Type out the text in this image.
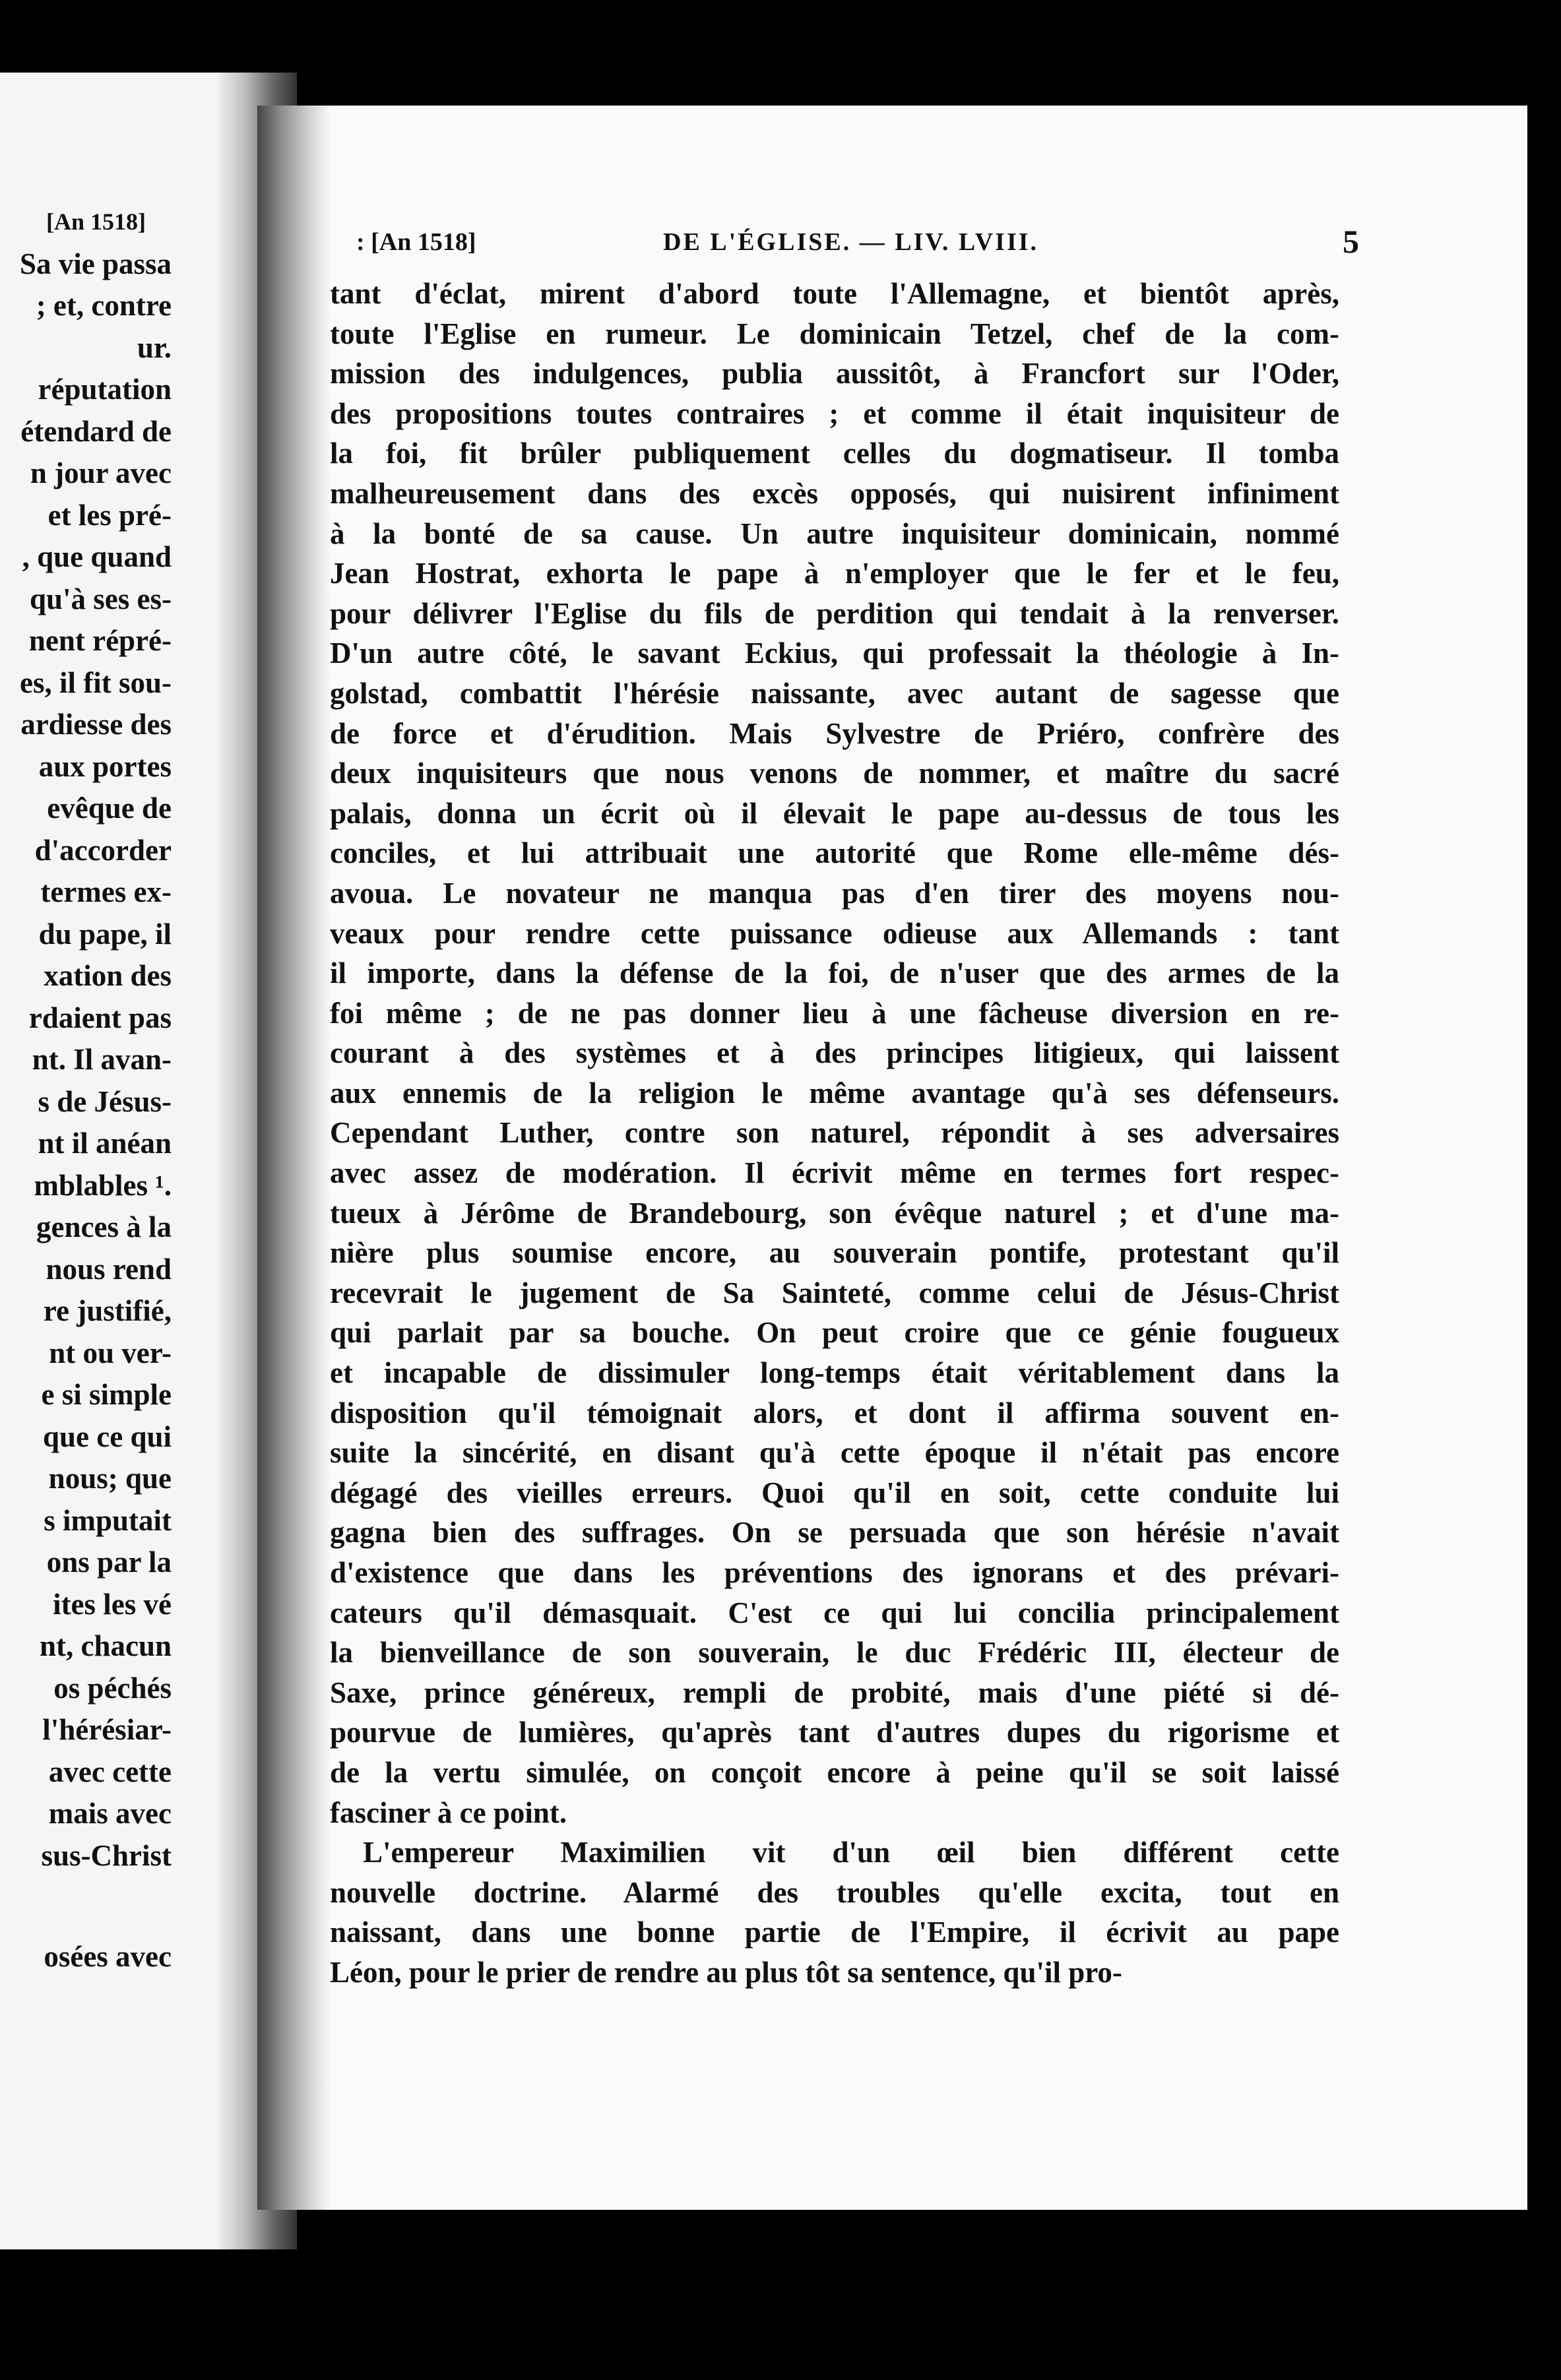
[An 1518]
Sa vie passa
; et, contre
ur.
réputation
étendard de
n jour avec
et les pré-
, que quand
qu'à ses es-
nent répré-
es, il fit sou-
ardiesse des
aux portes
evêque de
d'accorder
termes ex-
du pape, il
xation des
rdaient pas
nt. Il avan-
s de Jésus-
nt il anéan
mblables ¹.
gences à la
nous rend
re justifié,
nt ou ver-
e si simple
que ce qui
nous; que
s imputait
ons par la
ites les vé
nt, chacun
os péchés
l'hérésiar-
avec cette
mais avec
sus-Christ
osées avec
: [An 1518]	DE L'ÉGLISE. — LIV. LVIII.	5
tant d'éclat, mirent d'abord toute l'Allemagne, et bientôt après,
toute l'Eglise en rumeur. Le dominicain Tetzel, chef de la com-
mission des indulgences, publia aussitôt, à Francfort sur l'Oder,
des propositions toutes contraires ; et comme il était inquisiteur de
la foi, fit brûler publiquement celles du dogmatiseur. Il tomba
malheureusement dans des excès opposés, qui nuisirent infiniment
à la bonté de sa cause. Un autre inquisiteur dominicain, nommé
Jean Hostrat, exhorta le pape à n'employer que le fer et le feu,
pour délivrer l'Eglise du fils de perdition qui tendait à la renverser.
D'un autre côté, le savant Eckius, qui professait la théologie à In-
golstad, combattit l'hérésie naissante, avec autant de sagesse que
de force et d'érudition. Mais Sylvestre de Priéro, confrère des
deux inquisiteurs que nous venons de nommer, et maître du sacré
palais, donna un écrit où il élevait le pape au-dessus de tous les
conciles, et lui attribuait une autorité que Rome elle-même dés-
avoua. Le novateur ne manqua pas d'en tirer des moyens nou-
veaux pour rendre cette puissance odieuse aux Allemands : tant
il importe, dans la défense de la foi, de n'user que des armes de la
foi même ; de ne pas donner lieu à une fâcheuse diversion en re-
courant à des systèmes et à des principes litigieux, qui laissent
aux ennemis de la religion le même avantage qu'à ses défenseurs.
Cependant Luther, contre son naturel, répondit à ses adversaires
avec assez de modération. Il écrivit même en termes fort respec-
tueux à Jérôme de Brandebourg, son évêque naturel ; et d'une ma-
nière plus soumise encore, au souverain pontife, protestant qu'il
recevrait le jugement de Sa Sainteté, comme celui de Jésus-Christ
qui parlait par sa bouche. On peut croire que ce génie fougueux
et incapable de dissimuler long-temps était véritablement dans la
disposition qu'il témoignait alors, et dont il affirma souvent en-
suite la sincérité, en disant qu'à cette époque il n'était pas encore
dégagé des vieilles erreurs. Quoi qu'il en soit, cette conduite lui
gagna bien des suffrages. On se persuada que son hérésie n'avait
d'existence que dans les préventions des ignorans et des prévari-
cateurs qu'il démasquait. C'est ce qui lui concilia principalement
la bienveillance de son souverain, le duc Frédéric III, électeur de
Saxe, prince généreux, rempli de probité, mais d'une piété si dé-
pourvue de lumières, qu'après tant d'autres dupes du rigorisme et
de la vertu simulée, on conçoit encore à peine qu'il se soit laissé
fasciner à ce point.
L'empereur Maximilien vit d'un œil bien différent cette
nouvelle doctrine. Alarmé des troubles qu'elle excita, tout en
naissant, dans une bonne partie de l'Empire, il écrivit au pape
Léon, pour le prier de rendre au plus tôt sa sentence, qu'il pro-
